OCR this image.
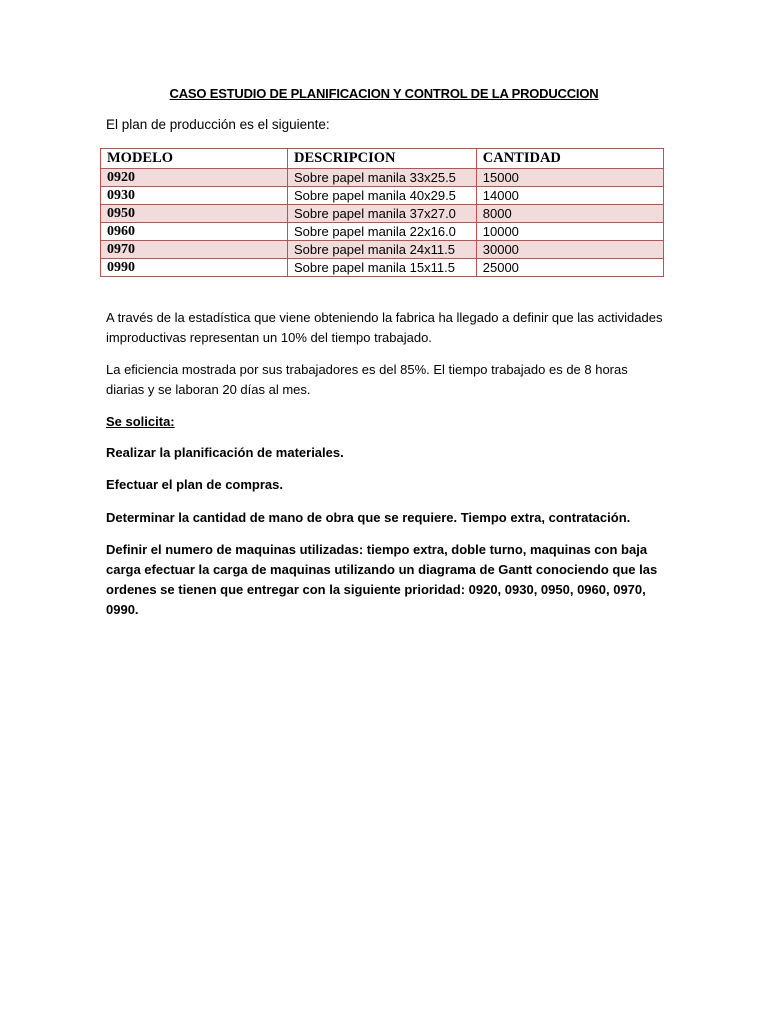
CASO ESTUDIO DE PLANIFICACION Y CONTROL DE LA PRODUCCION
El plan de producción es el siguiente:
MODELO	DESCRIPCION	CANTIDAD
0920	Sobre papel manila 33x25.5	15000
0930	Sobre papel manila 40x29.5	14000
0950	Sobre papel manila 37x27.0	8000
0960	Sobre papel manila 22x16.0	10000
0970	Sobre papel manila 24x11.5	30000
0990	Sobre papel manila 15x11.5	25000
A través de la estadística que viene obteniendo la fabrica ha llegado a definir que las actividades improductivas representan un 10% del tiempo trabajado.
La eficiencia mostrada por sus trabajadores es del 85%. El tiempo trabajado es de 8 horas diarias y se laboran 20 días al mes.
Se solicita:
Realizar la planificación de materiales.
Efectuar el plan de compras.
Determinar la cantidad de mano de obra que se requiere. Tiempo extra, contratación.
Definir el numero de maquinas utilizadas: tiempo extra, doble turno, maquinas con baja carga efectuar la carga de maquinas utilizando un diagrama de Gantt conociendo que las ordenes se tienen que entregar con la siguiente prioridad: 0920, 0930, 0950, 0960, 0970, 0990.
